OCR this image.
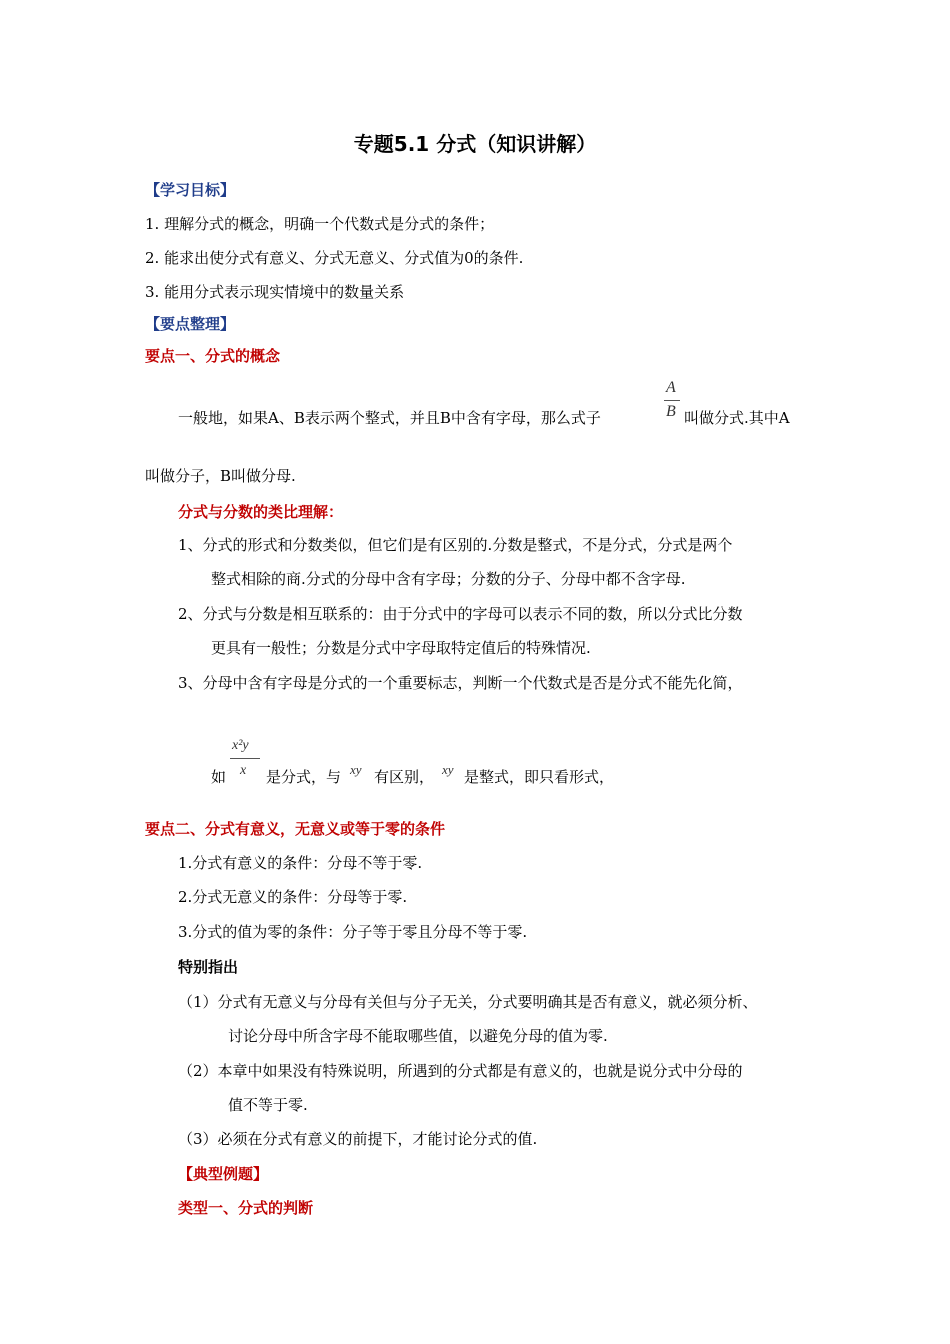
专题5.1 分式（知识讲解）
【学习目标】
1. 理解分式的概念，明确一个代数式是分式的条件；
2. 能求出使分式有意义、分式无意义、分式值为0的条件.
3. 能用分式表示现实情境中的数量关系
【要点整理】
要点一、分式的概念
一般地，如果A、B表示两个整式，并且B中含有字母，那么式子
A
B 叫做分式.其中A
叫做分子，B叫做分母.
分式与分数的类比理解：
1、分式的形式和分数类似，但它们是有区别的.分数是整式，不是分式，分式是两个
整式相除的商.分式的分母中含有字母；分数的分子、分母中都不含字母.
2、分式与分数是相互联系的：由于分式中的字母可以表示不同的数，所以分式比分数
更具有一般性；分数是分式中字母取特定值后的特殊情况.
3、分母中含有字母是分式的一个重要标志，判断一个代数式是否是分式不能先化简，
如
x²y
x 是分式，与 xy 有区别， xy 是整式，即只看形式，
要点二、分式有意义，无意义或等于零的条件
1.分式有意义的条件：分母不等于零.
2.分式无意义的条件：分母等于零.
3.分式的值为零的条件：分子等于零且分母不等于零.
特别指出
（1）分式有无意义与分母有关但与分子无关，分式要明确其是否有意义，就必须分析、
讨论分母中所含字母不能取哪些值，以避免分母的值为零.
（2）本章中如果没有特殊说明，所遇到的分式都是有意义的，也就是说分式中分母的
值不等于零.
（3）必须在分式有意义的前提下，才能讨论分式的值.
【典型例题】
类型一、分式的判断
